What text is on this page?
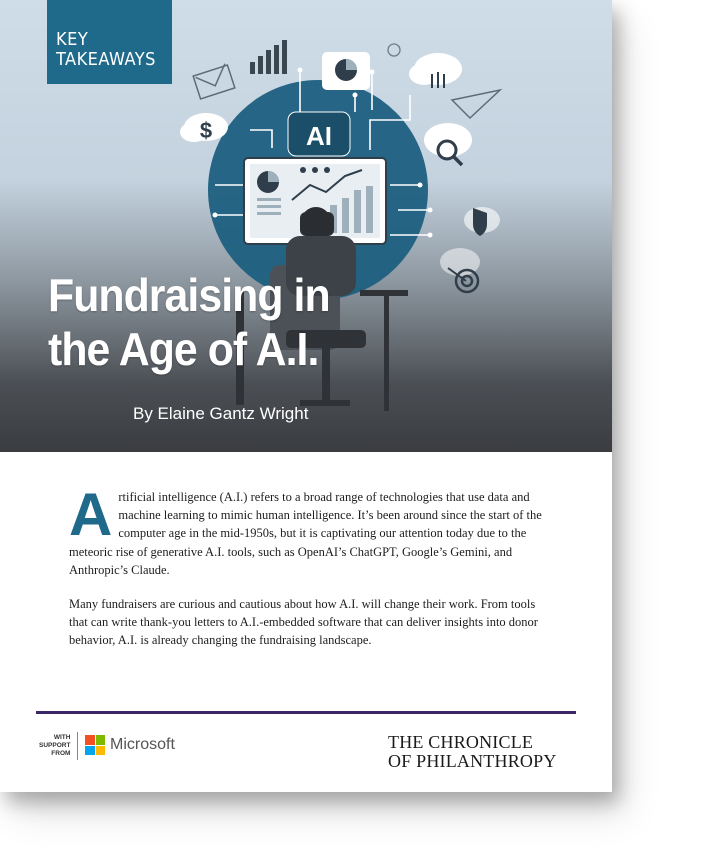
AI
$
KEY
TAKEAWAYS
Fundraising in
the Age of A.I.
By Elaine Gantz Wright

Artificial intelligence (A.I.) refers to a broad range of technologies that use data and machine learning to mimic human intelligence. It’s been around since the start of the computer age in the mid-1950s, but it is captivating our attention today due to the meteoric rise of generative A.I. tools, such as OpenAI’s ChatGPT, Google’s Gemini, and Anthropic’s Claude.

Many fundraisers are curious and cautious about how A.I. will change their work. From tools that can write thank-you letters to A.I.-embedded software that can deliver insights into donor behavior, A.I. is already changing the fundraising landscape.

WITH
SUPPORT
FROM
Microsoft	THE CHRONICLE
OF PHILANTHROPY
